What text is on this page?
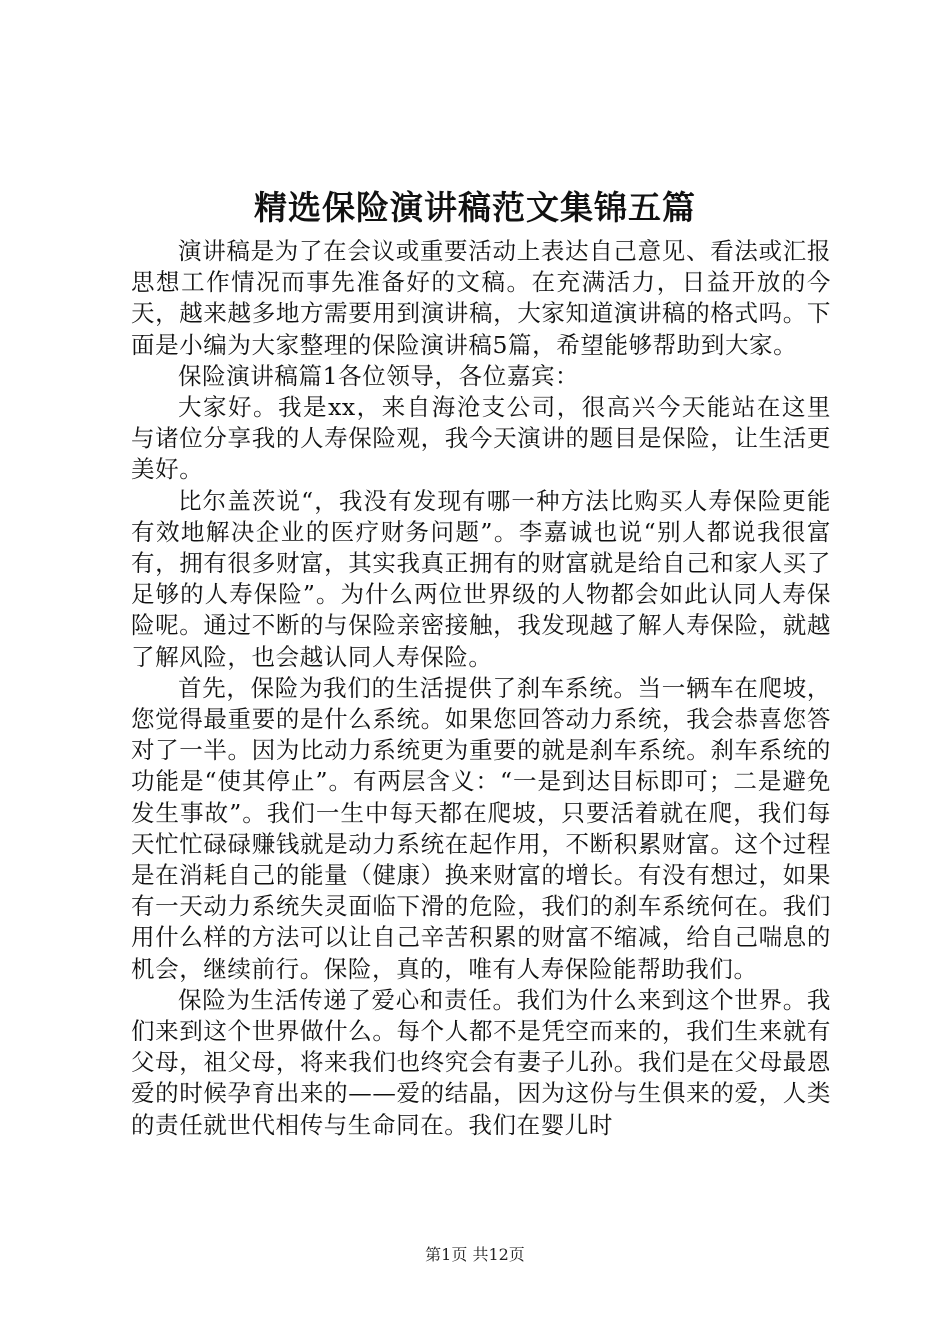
精选保险演讲稿范文集锦五篇

演讲稿是为了在会议或重要活动上表达自己意见、看法或汇报思想工作情况而事先准备好的文稿。在充满活力，日益开放的今天，越来越多地方需要用到演讲稿，大家知道演讲稿的格式吗。下面是小编为大家整理的保险演讲稿5篇，希望能够帮助到大家。

保险演讲稿篇1各位领导，各位嘉宾：

大家好。我是xx，来自海沧支公司，很高兴今天能站在这里与诸位分享我的人寿保险观，我今天演讲的题目是保险，让生活更美好。

比尔盖茨说“，我没有发现有哪一种方法比购买人寿保险更能有效地解决企业的医疗财务问题”。李嘉诚也说“别人都说我很富有，拥有很多财富，其实我真正拥有的财富就是给自己和家人买了足够的人寿保险”。为什么两位世界级的人物都会如此认同人寿保险呢。通过不断的与保险亲密接触，我发现越了解人寿保险，就越了解风险，也会越认同人寿保险。

首先，保险为我们的生活提供了刹车系统。当一辆车在爬坡，您觉得最重要的是什么系统。如果您回答动力系统，我会恭喜您答对了一半。因为比动力系统更为重要的就是刹车系统。刹车系统的功能是“使其停止”。有两层含义：“一是到达目标即可；二是避免发生事故”。我们一生中每天都在爬坡，只要活着就在爬，我们每天忙忙碌碌赚钱就是动力系统在起作用，不断积累财富。这个过程是在消耗自己的能量（健康）换来财富的增长。有没有想过，如果有一天动力系统失灵面临下滑的危险，我们的刹车系统何在。我们用什么样的方法可以让自己辛苦积累的财富不缩减，给自己喘息的机会，继续前行。保险，真的，唯有人寿保险能帮助我们。

保险为生活传递了爱心和责任。我们为什么来到这个世界。我们来到这个世界做什么。每个人都不是凭空而来的，我们生来就有父母，祖父母，将来我们也终究会有妻子儿孙。我们是在父母最恩爱的时候孕育出来的——爱的结晶，因为这份与生俱来的爱，人类的责任就世代相传与生命同在。我们在婴儿时

第1页 共12页
